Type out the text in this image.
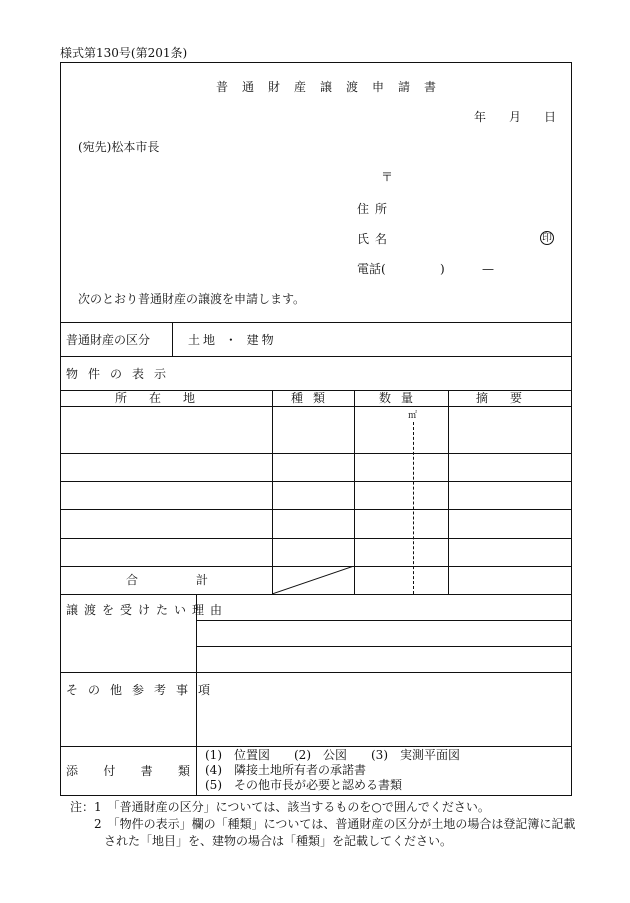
様式第130号(第201条)
普通財産譲渡申請書
年 月 日
(宛先)松本市長
〒
住所
氏名	印
電話(	)	—
次のとおり普通財産の譲渡を申請します。
普通財産の区分	土地 ・ 建物
物件の表示
所在地	種類	数量	摘要
㎡
合	計
譲渡を受けたい理由
その他参考事項
添 付 書 類
(1)　位置図　　(2)　公図　　(3)　実測平面図
(4)　隣接土地所有者の承諾書
(5)　その他市長が必要と認める書類
注：1　「普通財産の区分」については、該当するものを○で囲んでください。
2　「物件の表示」欄の「種類」については、普通財産の区分が土地の場合は登記簿に記載
された「地目」を、建物の場合は「種類」を記載してください。
